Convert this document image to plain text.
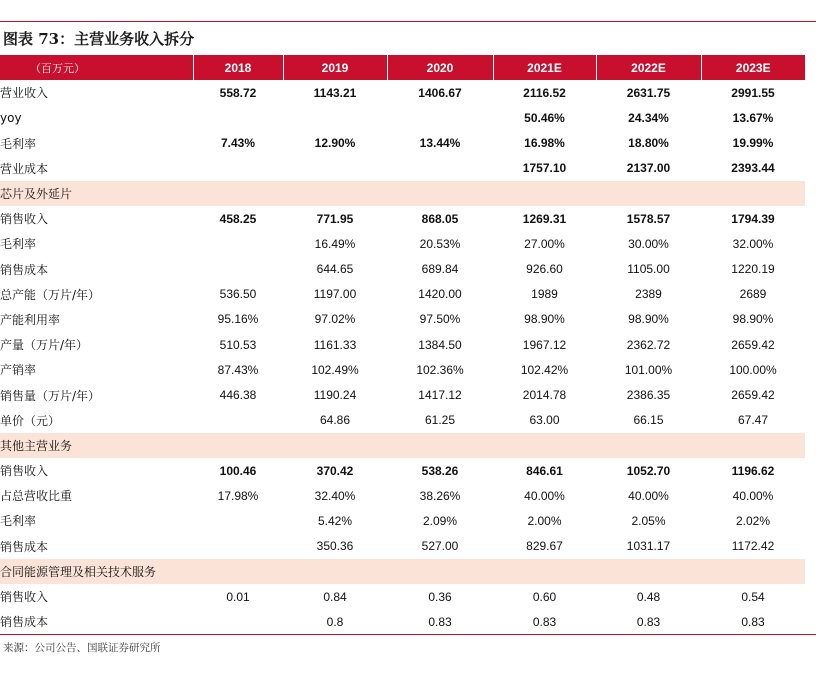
图表 73：主营业务收入拆分
（百万元）	2018	2019	2020	2021E	2022E	2023E
营业收入	558.72	1143.21	1406.67	2116.52	2631.75	2991.55
yoy				50.46%	24.34%	13.67%
毛利率	7.43%	12.90%	13.44%	16.98%	18.80%	19.99%
营业成本				1757.10	2137.00	2393.44
芯片及外延片						
销售收入	458.25	771.95	868.05	1269.31	1578.57	1794.39
毛利率		16.49%	20.53%	27.00%	30.00%	32.00%
销售成本		644.65	689.84	926.60	1105.00	1220.19
总产能（万片/年）	536.50	1197.00	1420.00	1989	2389	2689
产能利用率	95.16%	97.02%	97.50%	98.90%	98.90%	98.90%
产量（万片/年）	510.53	1161.33	1384.50	1967.12	2362.72	2659.42
产销率	87.43%	102.49%	102.36%	102.42%	101.00%	100.00%
销售量（万片/年）	446.38	1190.24	1417.12	2014.78	2386.35	2659.42
单价（元）		64.86	61.25	63.00	66.15	67.47
其他主营业务						
销售收入	100.46	370.42	538.26	846.61	1052.70	1196.62
占总营收比重	17.98%	32.40%	38.26%	40.00%	40.00%	40.00%
毛利率		5.42%	2.09%	2.00%	2.05%	2.02%
销售成本		350.36	527.00	829.67	1031.17	1172.42
合同能源管理及相关技术服务						
销售收入	0.01	0.84	0.36	0.60	0.48	0.54
销售成本		0.8	0.83	0.83	0.83	0.83
来源：公司公告、国联证券研究所
